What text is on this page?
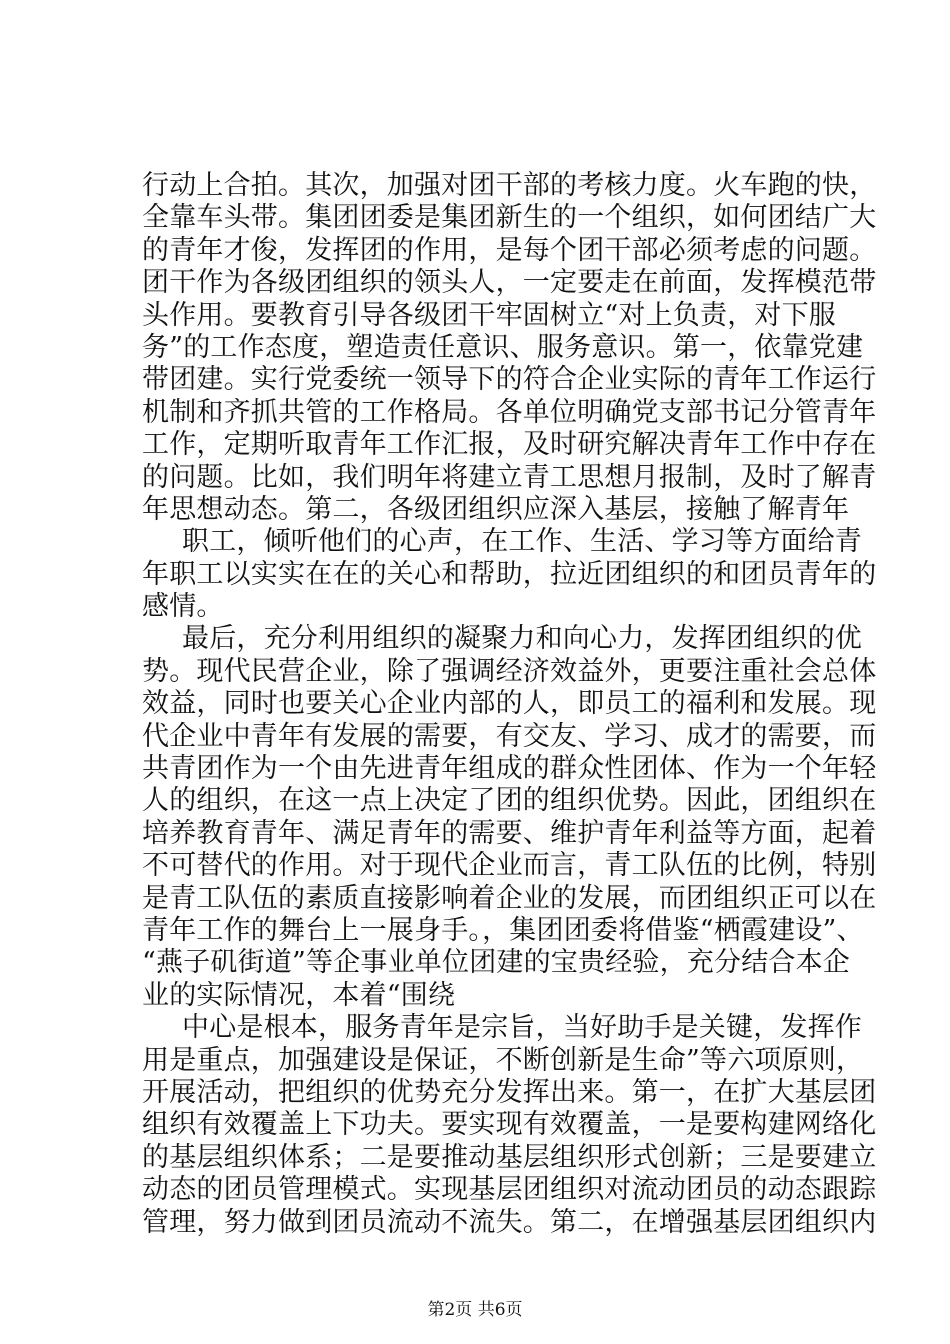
行动上合拍。其次，加强对团干部的考核力度。火车跑的快，
全靠车头带。集团团委是集团新生的一个组织，如何团结广大
的青年才俊，发挥团的作用，是每个团干部必须考虑的问题。
团干作为各级团组织的领头人，一定要走在前面，发挥模范带
头作用。要教育引导各级团干牢固树立“对上负责，对下服
务”的工作态度，塑造责任意识、服务意识。第一，依靠党建
带团建。实行党委统一领导下的符合企业实际的青年工作运行
机制和齐抓共管的工作格局。各单位明确党支部书记分管青年
工作，定期听取青年工作汇报，及时研究解决青年工作中存在
的问题。比如，我们明年将建立青工思想月报制，及时了解青
年思想动态。第二，各级团组织应深入基层，接触了解青年
职工，倾听他们的心声，在工作、生活、学习等方面给青
年职工以实实在在的关心和帮助，拉近团组织的和团员青年的
感情。
最后，充分利用组织的凝聚力和向心力，发挥团组织的优
势。现代民营企业，除了强调经济效益外，更要注重社会总体
效益，同时也要关心企业内部的人，即员工的福利和发展。现
代企业中青年有发展的需要，有交友、学习、成才的需要，而
共青团作为一个由先进青年组成的群众性团体、作为一个年轻
人的组织，在这一点上决定了团的组织优势。因此，团组织在
培养教育青年、满足青年的需要、维护青年利益等方面，起着
不可替代的作用。对于现代企业而言，青工队伍的比例，特别
是青工队伍的素质直接影响着企业的发展，而团组织正可以在
青年工作的舞台上一展身手。，集团团委将借鉴“栖霞建设”、
“燕子矶街道”等企事业单位团建的宝贵经验，充分结合本企
业的实际情况，本着“围绕
中心是根本，服务青年是宗旨，当好助手是关键，发挥作
用是重点，加强建设是保证，不断创新是生命”等六项原则，
开展活动，把组织的优势充分发挥出来。第一，在扩大基层团
组织有效覆盖上下功夫。要实现有效覆盖，一是要构建网络化
的基层组织体系；二是要推动基层组织形式创新；三是要建立
动态的团员管理模式。实现基层团组织对流动团员的动态跟踪
管理，努力做到团员流动不流失。第二，在增强基层团组织内
第2页 共6页
